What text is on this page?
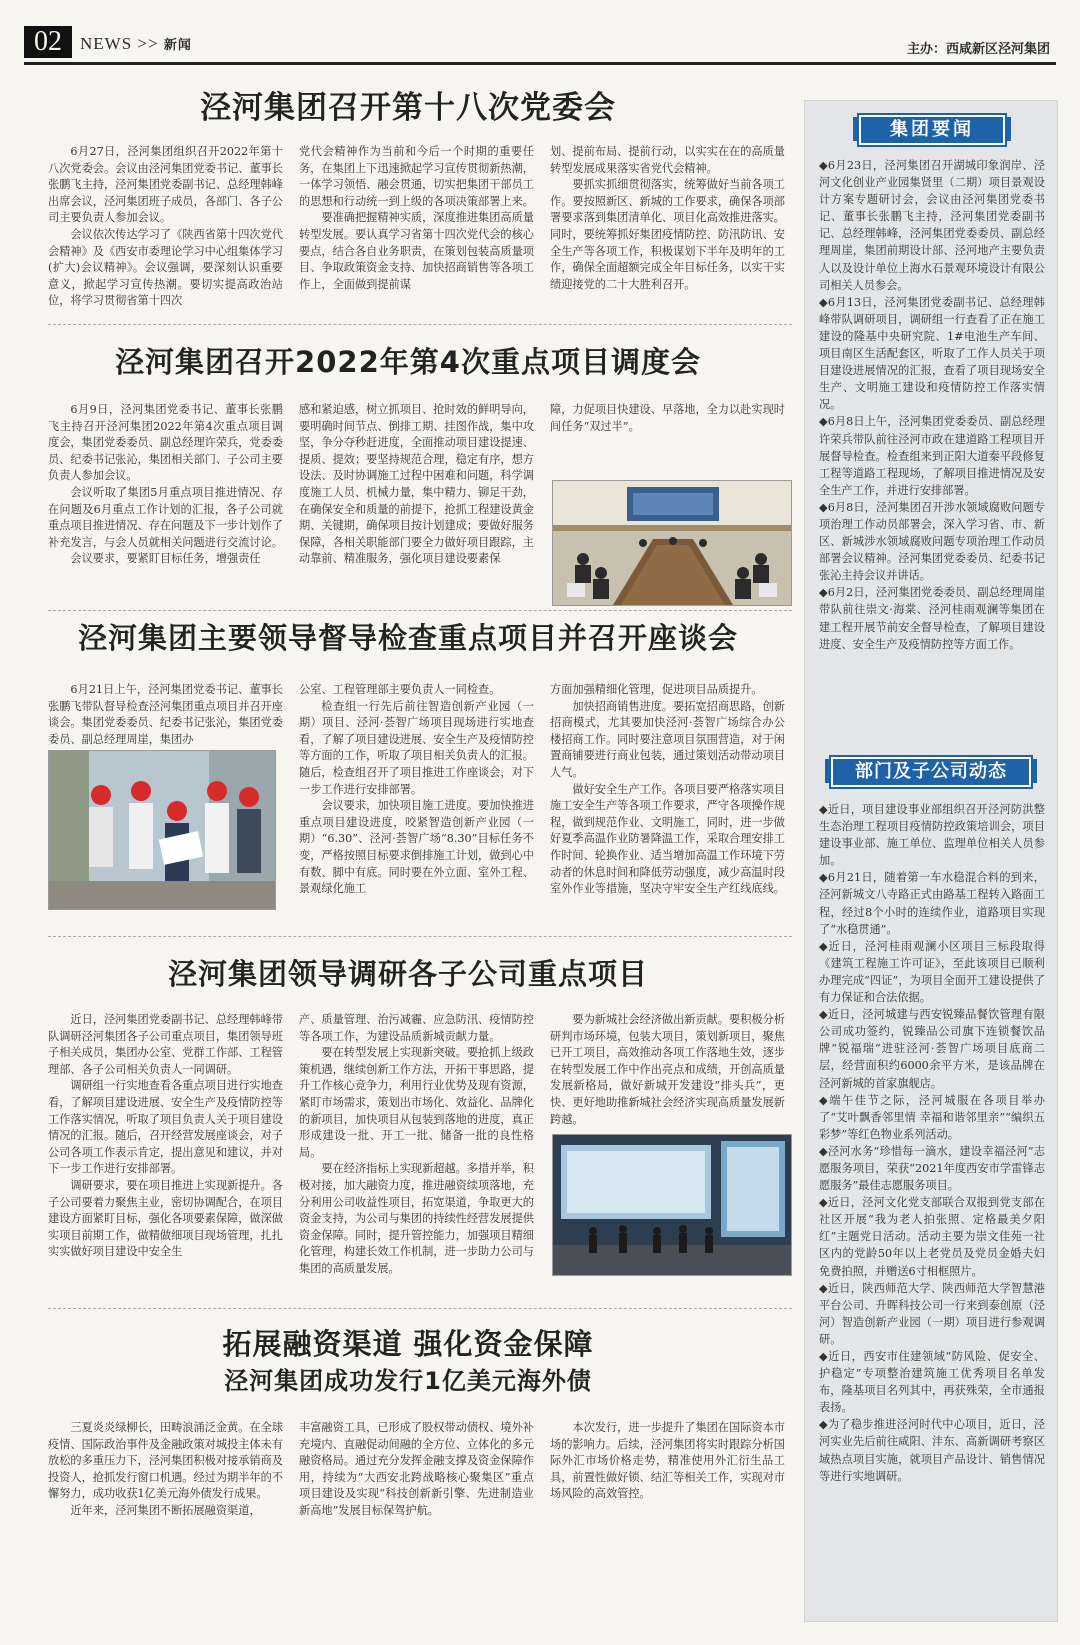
02	NEWS >> 新闻	主办：西咸新区泾河集团
泾河集团召开第十八次党委会

6月27日，泾河集团组织召开2022年第十八次党委会。会议由泾河集团党委书记、董事长张鹏飞主持，泾河集团党委副书记、总经理韩峰出席会议，泾河集团班子成员，各部门、各子公司主要负责人参加会议。

会议依次传达学习了《陕西省第十四次党代会精神》及《西安市委理论学习中心组集体学习(扩大)会议精神》。会议强调，要深刻认识重要意义，掀起学习宣传热潮。要切实提高政治站位，将学习贯彻省第十四次

党代会精神作为当前和今后一个时期的重要任务，在集团上下迅速掀起学习宣传贯彻新热潮，一体学习领悟、融会贯通，切实把集团干部员工的思想和行动统一到上级的各项决策部署上来。

要准确把握精神实质，深度推进集团高质量转型发展。要认真学习省第十四次党代会的核心要点，结合各自业务职责，在策划包装高质量项目、争取政策资金支持、加快招商销售等各项工作上，全面做到提前谋

划、提前布局、提前行动，以实实在在的高质量转型发展成果落实省党代会精神。

要抓实抓细贯彻落实，统筹做好当前各项工作。要按照新区、新城的工作要求，确保各项部署要求落到集团清单化、项目化高效推进落实。同时，要统筹抓好集团疫情防控、防汛防讯、安全生产等各项工作，积极谋划下半年及明年的工作，确保全面超额完成全年目标任务，以实干实绩迎接党的二十大胜利召开。

泾河集团召开2022年第4次重点项目调度会

6月9日，泾河集团党委书记、董事长张鹏飞主持召开泾河集团2022年第4次重点项目调度会，集团党委委员、副总经理许荣兵，党委委员、纪委书记张沁，集团相关部门、子公司主要负责人参加会议。

会议听取了集团5月重点项目推进情况、存在问题及6月重点工作计划的汇报，各子公司就重点项目推进情况、存在问题及下一步计划作了补充发言，与会人员就相关问题进行交流讨论。

会议要求，要紧盯目标任务，增强责任

感和紧迫感，树立抓项目、抢时效的鲜明导向，要明确时间节点、倒排工期、挂图作战，集中攻坚，争分夺秒赶进度，全面推动项目建设提速、提质、提效；要坚持规范合理，稳定有序，想方设法、及时协调施工过程中困难和问题，科学调度施工人员、机械力量，集中精力、铆足干劲，在确保安全和质量的前提下，抢抓工程建设黄金期、关键期，确保项目按计划建成；要做好服务保障，各相关职能部门要全力做好项目跟踪，主动靠前、精准服务，强化项目建设要素保

障，力促项目快建设、早落地，全力以赴实现时间任务“双过半”。

泾河集团主要领导督导检查重点项目并召开座谈会

6月21日上午，泾河集团党委书记、董事长张鹏飞带队督导检查泾河集团重点项目并召开座谈会。集团党委委员、纪委书记张沁，集团党委委员、副总经理周崖，集团办

公室、工程管理部主要负责人一同检查。

检查组一行先后前往智造创新产业园（一期）项目、泾河·荟智广场项目现场进行实地查看，了解了项目建设进展、安全生产及疫情防控等方面的工作，听取了项目相关负责人的汇报。随后，检查组召开了项目推进工作座谈会，对下一步工作进行安排部署。

会议要求，加快项目施工进度。要加快推进重点项目建设进度，咬紧智造创新产业园（一期）“6.30”、泾河·荟智广场“8.30”目标任务不变，严格按照目标要求倒排施工计划，做到心中有数、脚中有底。同时要在外立面、室外工程、景观绿化施工

方面加强精细化管理，促进项目品质提升。

加快招商销售进度。要拓宽招商思路，创新招商模式，尤其要加快泾河·荟智广场综合办公楼招商工作。同时要注意项目氛围营造，对于闲置商铺要进行商业包装，通过策划活动带动项目人气。

做好安全生产工作。各项目要严格落实项目施工安全生产等各项工作要求，严守各项操作规程，做到规范作业、文明施工，同时，进一步做好夏季高温作业防暑降温工作，采取合理安排工作时间、轮换作业、适当增加高温工作环境下劳动者的休息时间和降低劳动强度，减少高温时段室外作业等措施，坚决守牢安全生产红线底线。

泾河集团领导调研各子公司重点项目

近日，泾河集团党委副书记、总经理韩峰带队调研泾河集团各子公司重点项目，集团领导班子相关成员，集团办公室、党群工作部、工程管理部、各子公司相关负责人一同调研。

调研组一行实地查看各重点项目进行实地查看，了解项目建设进展、安全生产及疫情防控等工作落实情况，听取了项目负责人关于项目建设情况的汇报。随后，召开经营发展座谈会，对子公司各项工作表示肯定，提出意见和建议，并对下一步工作进行安排部署。

调研要求，要在项目推进上实现新提升。各子公司要着力聚焦主业，密切协调配合，在项目建设方面紧盯目标，强化各项要素保障，做深做实项目前期工作，做精做细项目现场管理，扎扎实实做好项目建设中安全生

产、质量管理、治污减霾、应急防汛、疫情防控等各项工作，为建设品质新城贡献力量。

要在转型发展上实现新突破。要抢抓上级政策机遇，继续创新工作方法，开拓干事思路，提升工作核心竞争力，利用行业优势及现有资源，紧盯市场需求，策划出市场化、效益化、品牌化的新项目，加快项目从包装到落地的进度，真正形成建设一批、开工一批、储备一批的良性格局。

要在经济指标上实现新超越。多措并举，积极对接，加大融资力度，推进融资续项落地，充分利用公司收益性项目，拓宽渠道，争取更大的资金支持，为公司与集团的持续性经营发展提供资金保障。同时，提升管控能力，加强项目精细化管理，构建长效工作机制，进一步助力公司与集团的高质量发展。

要为新城社会经济做出新贡献。要积极分析研判市场环境，包装大项目，策划新项目，聚焦已开工项目，高效推动各项工作落地生效，逐步在转型发展工作中作出亮点和成绩，开创高质量发展新格局，做好新城开发建设“排头兵”，更快、更好地助推新城社会经济实现高质量发展新跨越。

拓展融资渠道 强化资金保障
泾河集团成功发行1亿美元海外债

三夏炎炎绿柳长，田畴浪涌泛金黄。在全球疫情、国际政治事件及金融政策对城投主体未有放松的多重压力下，泾河集团积极对接承销商及投资人，抢抓发行窗口机遇。经过为期半年的不懈努力，成功收获1亿美元海外债发行成果。

近年来，泾河集团不断拓展融资渠道，

丰富融资工具，已形成了股权带动债权、境外补充境内、直融促动间融的全方位、立体化的多元融资格局。通过充分发挥金融支撑及资金保障作用，持续为“大西安北跨战略核心聚集区”重点项目建设及实现“科技创新新引擎、先进制造业新高地”发展目标保驾护航。

本次发行，进一步提升了集团在国际资本市场的影响力。后续，泾河集团将实时跟踪分析国际外汇市场价格走势，精准使用外汇衍生品工具，前置性做好锁、结汇等相关工作，实现对市场风险的高效管控。

集团要闻
◆6月23日，泾河集团召开湖城印象润岸、泾河文化创业产业园集贤里（二期）项目景观设计方案专题研讨会，会议由泾河集团党委书记、董事长张鹏飞主持，泾河集团党委副书记、总经理韩峰，泾河集团党委委员、副总经理周崖，集团前期设计部、泾河地产主要负责人以及设计单位上海水石景观环境设计有限公司相关人员参会。
◆6月13日，泾河集团党委副书记、总经理韩峰带队调研项目，调研组一行查看了正在施工建设的隆基中央研究院、1#电池生产车间、项目南区生活配套区，听取了工作人员关于项目建设进展情况的汇报，查看了项目现场安全生产、文明施工建设和疫情防控工作落实情况。
◆6月8日上午，泾河集团党委委员、副总经理许荣兵带队前往泾河市政在建道路工程项目开展督导检查。检查组来到正阳大道秦平段修复工程等道路工程现场，了解项目推进情况及安全生产工作，并进行安排部署。
◆6月8日，泾河集团召开涉水领域腐败问题专项治理工作动员部署会，深入学习省、市、新区、新城涉水领域腐败问题专项治理工作动员部署会议精神。泾河集团党委委员、纪委书记张沁主持会议并讲话。
◆6月2日，泾河集团党委委员、副总经理周崖带队前往崇文·海棠、泾河桂雨观澜等集团在建工程开展节前安全督导检查，了解项目建设进度、安全生产及疫情防控等方面工作。
部门及子公司动态
◆近日，项目建设事业部组织召开泾河防洪整生态治理工程项目疫情防控政策培训会，项目建设事业部、施工单位、监理单位相关人员参加。
◆6月21日，随着第一车水稳混合料的到来，泾河新城文八寺路正式由路基工程转入路面工程，经过8个小时的连续作业，道路项目实现了“水稳贯通”。
◆近日，泾河桂雨观澜小区项目三标段取得《建筑工程施工许可证》，至此该项目已顺利办理完成“四证”，为项目全面开工建设提供了有力保证和合法依据。
◆近日，泾河城建与西安锐臻品餐饮管理有限公司成功签约，锐臻品公司旗下连锁餐饮品牌“锐福瑞”进驻泾河·荟智广场项目底商二层，经营面积约6000余平方米，是该品牌在泾河新城的首家旗舰店。
◆端午佳节之际，泾河城服在各项目举办了“艾叶飘香邻里情 幸福和谐邻里亲”“编织五彩梦”等红色物业系列活动。
◆泾河水务“珍惜每一滴水，建设幸福泾河”志愿服务项目，荣获“2021年度西安市学雷锋志愿服务”最佳志愿服务项目。
◆近日，泾河文化党支部联合双报到党支部在社区开展“我为老人拍张照、定格最美夕阳红”主题党日活动。活动主要为崇文佳苑一社区内的党龄50年以上老党员及党员金婚夫妇免费拍照，并赠送6寸相框照片。
◆近日，陕西师范大学、陕西师范大学智慧港平台公司、升晖科技公司一行来到泰创原（泾河）智造创新产业园（一期）项目进行参观调研。
◆近日，西安市住建领域“防风险、促安全、护稳定”专项整治建筑施工优秀项目名单发布，隆基项目名列其中，再获殊荣，全市通报表扬。
◆为了稳步推进泾河时代中心项目，近日，泾河实业先后前往咸阳、沣东、高新调研考察区域热点项目实施，就项目产品设计、销售情况等进行实地调研。
